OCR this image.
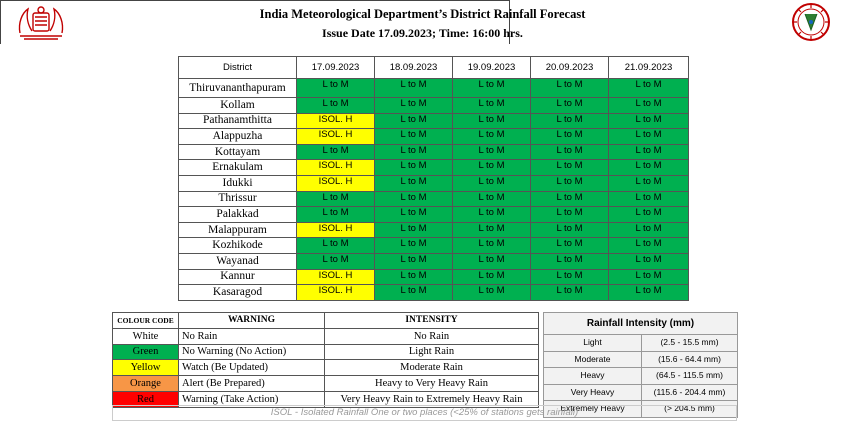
India Meteorological Department’s District Rainfall Forecast
Issue Date 17.09.2023; Time: 16:00 hrs.
District	17.09.2023	18.09.2023	19.09.2023	20.09.2023	21.09.2023
Thiruvananthapuram	L to M	L to M	L to M	L to M	L to M
Kollam	L to M	L to M	L to M	L to M	L to M
Pathanamthitta	ISOL. H	L to M	L to M	L to M	L to M
Alappuzha	ISOL. H	L to M	L to M	L to M	L to M
Kottayam	L to M	L to M	L to M	L to M	L to M
Ernakulam	ISOL. H	L to M	L to M	L to M	L to M
Idukki	ISOL. H	L to M	L to M	L to M	L to M
Thrissur	L to M	L to M	L to M	L to M	L to M
Palakkad	L to M	L to M	L to M	L to M	L to M
Malappuram	ISOL. H	L to M	L to M	L to M	L to M
Kozhikode	L to M	L to M	L to M	L to M	L to M
Wayanad	L to M	L to M	L to M	L to M	L to M
Kannur	ISOL. H	L to M	L to M	L to M	L to M
Kasaragod	ISOL. H	L to M	L to M	L to M	L to M
COLOUR CODE	WARNING	INTENSITY
White	No Rain	No Rain
Green	No Warning (No Action)	Light Rain
Yellow	Watch (Be Updated)	Moderate Rain
Orange	Alert (Be Prepared)	Heavy to Very Heavy Rain
Red	Warning (Take Action)	Very Heavy Rain to Extremely Heavy Rain
Rainfall Intensity (mm)	
Light	(2.5 - 15.5 mm)
Moderate	(15.6 - 64.4 mm)
Heavy	(64.5 - 115.5 mm)
Very Heavy	(115.6 - 204.4 mm)
Extremely Heavy	(> 204.5 mm)
ISOL - Isolated Rainfall One or two places (<25% of stations gets rainfall)
